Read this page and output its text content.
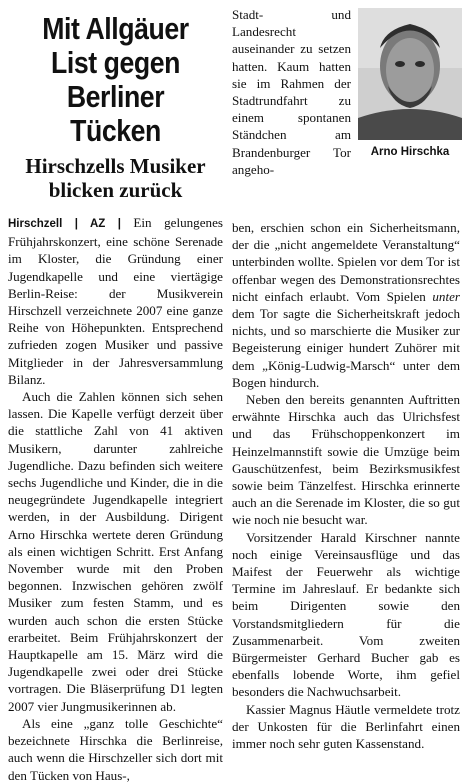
Mit Allgäuer
List gegen
Berliner Tücken
Hirschzells Musiker
blicken zurück

Hirschzell | AZ | Ein gelungenes Frühjahrskonzert, eine schöne Serenade im Kloster, die Gründung einer Jugendkapelle und eine viertägige Berlin-Reise: der Musikverein Hirschzell verzeichnete 2007 eine ganze Reihe von Höhepunkten. Entsprechend zufrieden zogen Musiker und passive Mitglieder in der Jahresversammlung Bilanz.

Auch die Zahlen können sich sehen lassen. Die Kapelle verfügt derzeit über die stattliche Zahl von 41 aktiven Musikern, darunter zahlreiche Jugendliche. Dazu befinden sich weitere sechs Jugendliche und Kinder, die in die neugegründete Jugendkapelle integriert werden, in der Ausbildung. Dirigent Arno Hirschka wertete deren Gründung als einen wichtigen Schritt. Erst Anfang November wurde mit den Proben begonnen. Inzwischen gehören zwölf Musiker zum festen Stamm, und es wurden auch schon die ersten Stücke erarbeitet. Beim Frühjahrskonzert der Hauptkapelle am 15. März wird die Jugendkapelle zwei oder drei Stücke vortragen. Die Bläserprüfung D1 legten 2007 vier Jungmusikerinnen ab.

Als eine „ganz tolle Geschichte“ bezeichnete Hirschka die Berlinreise, auch wenn die Hirschzeller sich dort mit den Tücken von Haus-,

Stadt- und Landesrecht auseinander zu setzen hatten. Kaum hatten sie im Rahmen der Stadtrundfahrt zu einem spontanen Ständchen am Brandenburger Tor angeho-

Arno Hirschka

ben, erschien schon ein Sicherheitsmann, der die „nicht angemeldete Veranstaltung“ unterbinden wollte. Spielen vor dem Tor ist offenbar wegen des Demonstrationsrechtes nicht einfach erlaubt. Vom Spielen unter dem Tor sagte die Sicherheitskraft jedoch nichts, und so marschierte die Musiker zur Begeisterung einiger hundert Zuhörer mit dem „König-Ludwig-Marsch“ unter dem Bogen hindurch.

Neben den bereits genannten Auftritten erwähnte Hirschka auch das Ulrichsfest und das Frühschoppenkonzert im Heinzelmannstift sowie die Umzüge beim Gauschützenfest, beim Bezirksmusikfest sowie beim Tänzelfest. Hirschka erinnerte auch an die Serenade im Kloster, die so gut wie noch nie besucht war.

Vorsitzender Harald Kirschner nannte noch einige Vereinsausflüge und das Maifest der Feuerwehr als wichtige Termine im Jahreslauf. Er bedankte sich beim Dirigenten sowie den Vorstandsmitgliedern für die Zusammenarbeit. Vom zweiten Bürgermeister Gerhard Bucher gab es ebenfalls lobende Worte, ihm gefiel besonders die Nachwuchsarbeit.

Kassier Magnus Häutle vermeldete trotz der Unkosten für die Berlinfahrt einen immer noch sehr guten Kassenstand.
